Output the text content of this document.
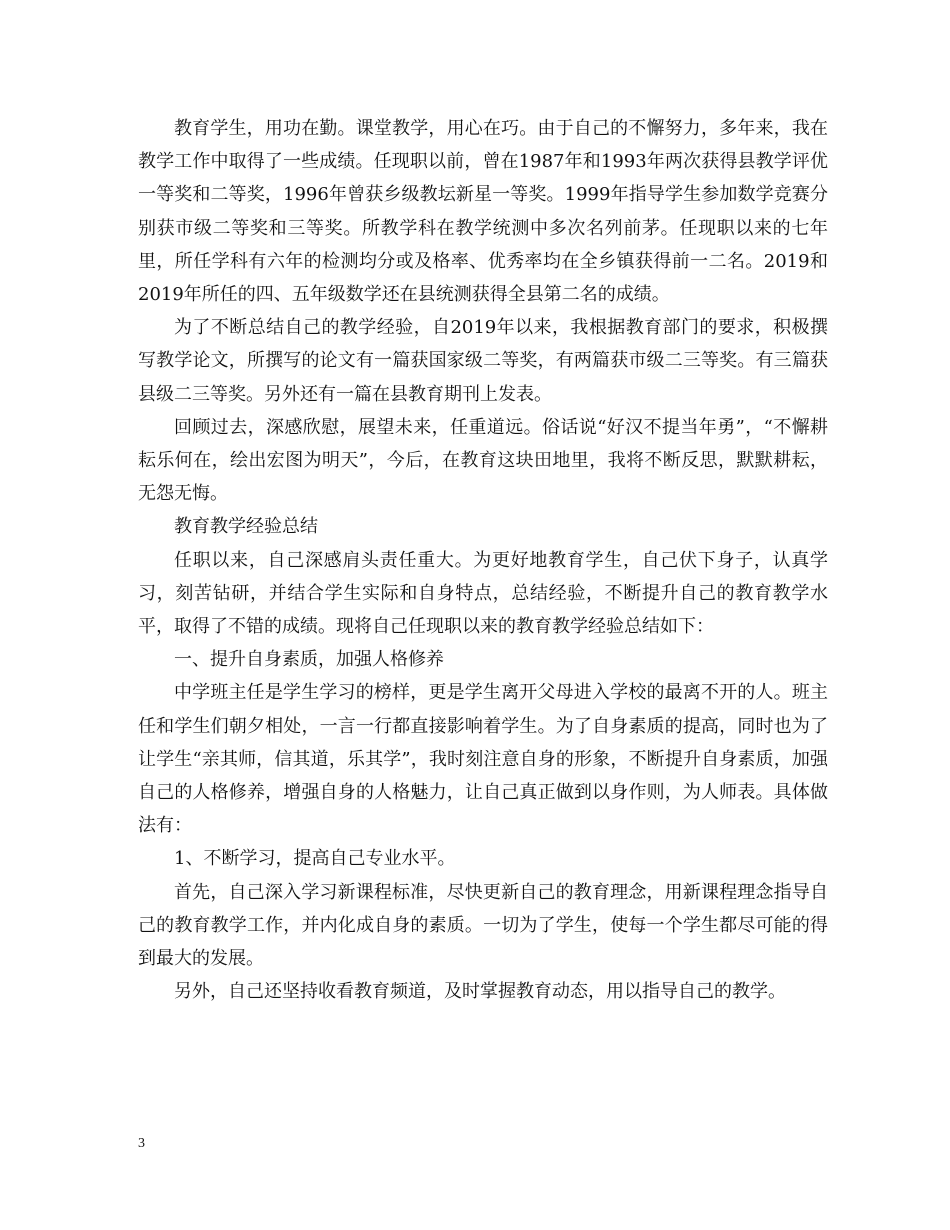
教育学生，用功在勤。课堂教学，用心在巧。由于自己的不懈努力，多年来，我在教学工作中取得了一些成绩。任现职以前，曾在1987年和1993年两次获得县教学评优一等奖和二等奖，1996年曾获乡级教坛新星一等奖。1999年指导学生参加数学竞赛分别获市级二等奖和三等奖。所教学科在教学统测中多次名列前茅。任现职以来的七年里，所任学科有六年的检测均分或及格率、优秀率均在全乡镇获得前一二名。2019和2019年所任的四、五年级数学还在县统测获得全县第二名的成绩。

为了不断总结自己的教学经验，自2019年以来，我根据教育部门的要求，积极撰写教学论文，所撰写的论文有一篇获国家级二等奖，有两篇获市级二三等奖。有三篇获县级二三等奖。另外还有一篇在县教育期刊上发表。

回顾过去，深感欣慰，展望未来，任重道远。俗话说“好汉不提当年勇”，“不懈耕耘乐何在，绘出宏图为明天”，今后，在教育这块田地里，我将不断反思，默默耕耘，无怨无悔。

教育教学经验总结

任职以来，自己深感肩头责任重大。为更好地教育学生，自己伏下身子，认真学习，刻苦钻研，并结合学生实际和自身特点，总结经验，不断提升自己的教育教学水平，取得了不错的成绩。现将自己任现职以来的教育教学经验总结如下：

一、提升自身素质，加强人格修养

中学班主任是学生学习的榜样，更是学生离开父母进入学校的最离不开的人。班主任和学生们朝夕相处，一言一行都直接影响着学生。为了自身素质的提高，同时也为了让学生“亲其师，信其道，乐其学”，我时刻注意自身的形象，不断提升自身素质，加强自己的人格修养，增强自身的人格魅力，让自己真正做到以身作则，为人师表。具体做法有：

1、不断学习，提高自己专业水平。

首先，自己深入学习新课程标准，尽快更新自己的教育理念，用新课程理念指导自己的教育教学工作，并内化成自身的素质。一切为了学生，使每一个学生都尽可能的得到最大的发展。

另外，自己还坚持收看教育频道，及时掌握教育动态，用以指导自己的教学。

3
